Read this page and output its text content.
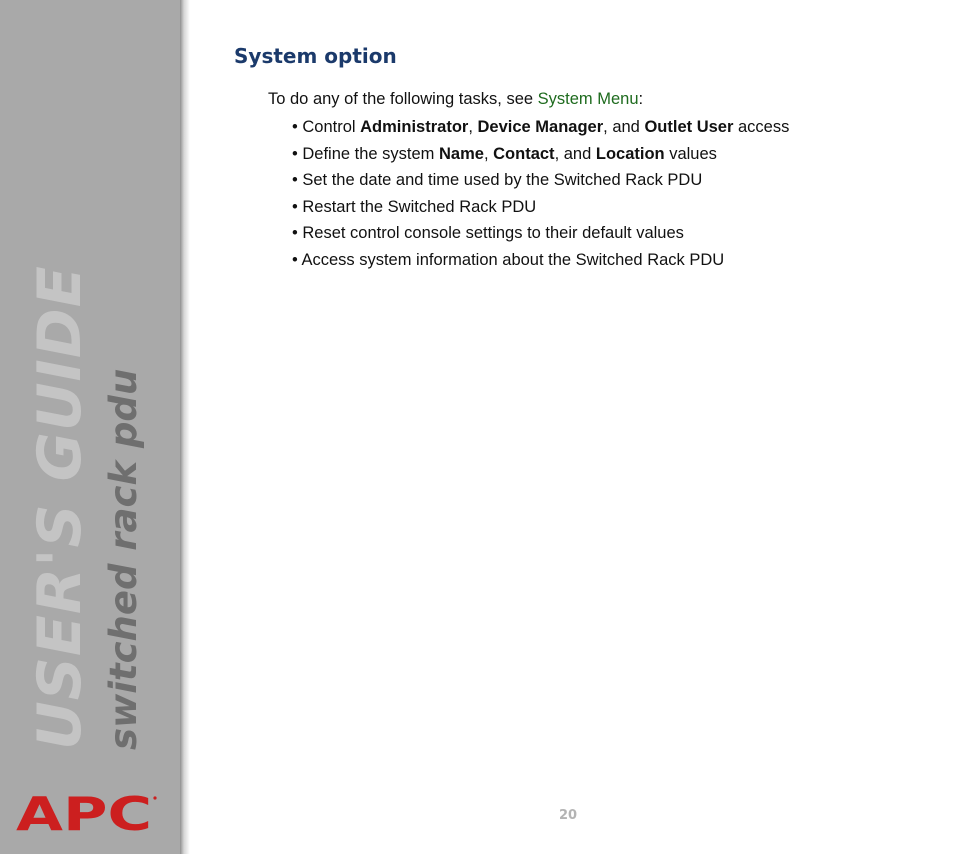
USER'S GUIDE switched rack pdu
APC
System option

To do any of the following tasks, see System Menu:

• Control Administrator, Device Manager, and Outlet User access
• Define the system Name, Contact, and Location values
• Set the date and time used by the Switched Rack PDU
• Restart the Switched Rack PDU
• Reset control console settings to their default values
• Access system information about the Switched Rack PDU
20
